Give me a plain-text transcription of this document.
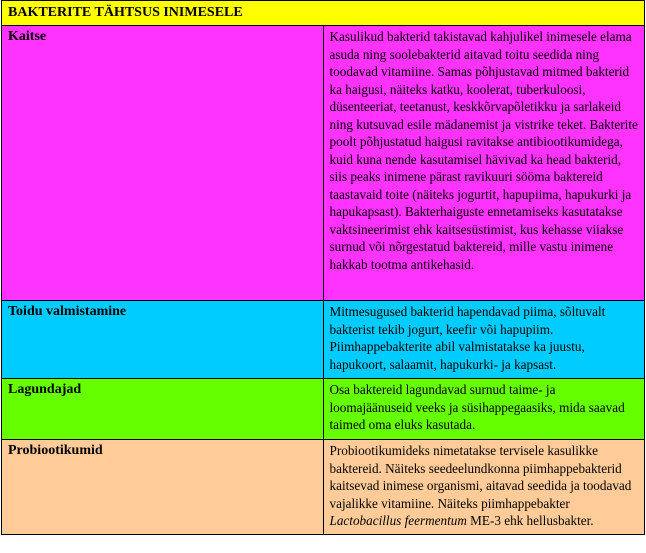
BAKTERITE TÄHTSUS INIMESELE	
Kaitse	Kasulikud bakterid takistavad kahjulikel inimesele elama asuda ning soolebakterid aitavad toitu seedida ning toodavad vitamiine. Samas põhjustavad mitmed bakterid ka haigusi, näiteks katku, koolerat, tuberkuloosi, düsenteeriat, teetanust, keskkõrvapõletikku ja sarlakeid ning kutsuvad esile mädanemist ja vistrike teket. Bakterite poolt põhjustatud haigusi ravitakse antibiootikumidega, kuid kuna nende kasutamisel hävivad ka head bakterid, siis peaks inimene pärast ravikuuri sööma baktereid taastavaid toite (näiteks jogurtit, hapupiima, hapukurki ja hapukapsast). Bakterhaiguste ennetamiseks kasutatakse vaktsineerimist ehk kaitsesüstimist, kus kehasse viiakse surnud või nõrgestatud baktereid, mille vastu inimene hakkab tootma antikehasid.
Toidu valmistamine	Mitmesugused bakterid hapendavad piima, sõltuvalt bakterist tekib jogurt, keefir või hapupiim. Piimhappebakterite abil valmistatakse ka juustu, hapukoort, salaamit, hapukurki- ja kapsast.
Lagundajad	Osa baktereid lagundavad surnud taime- ja loomajäänuseid veeks ja süsihappegaasiks, mida saavad taimed oma eluks kasutada.
Probiootikumid	Probiootikumideks nimetatakse tervisele kasulikke baktereid. Näiteks seedeelundkonna piimhappebakterid kaitsevad inimese organismi, aitavad seedida ja toodavad vajalikke vitamiine. Näiteks piimhappebakter Lactobacillus feermentum ME-3 ehk hellusbakter.
